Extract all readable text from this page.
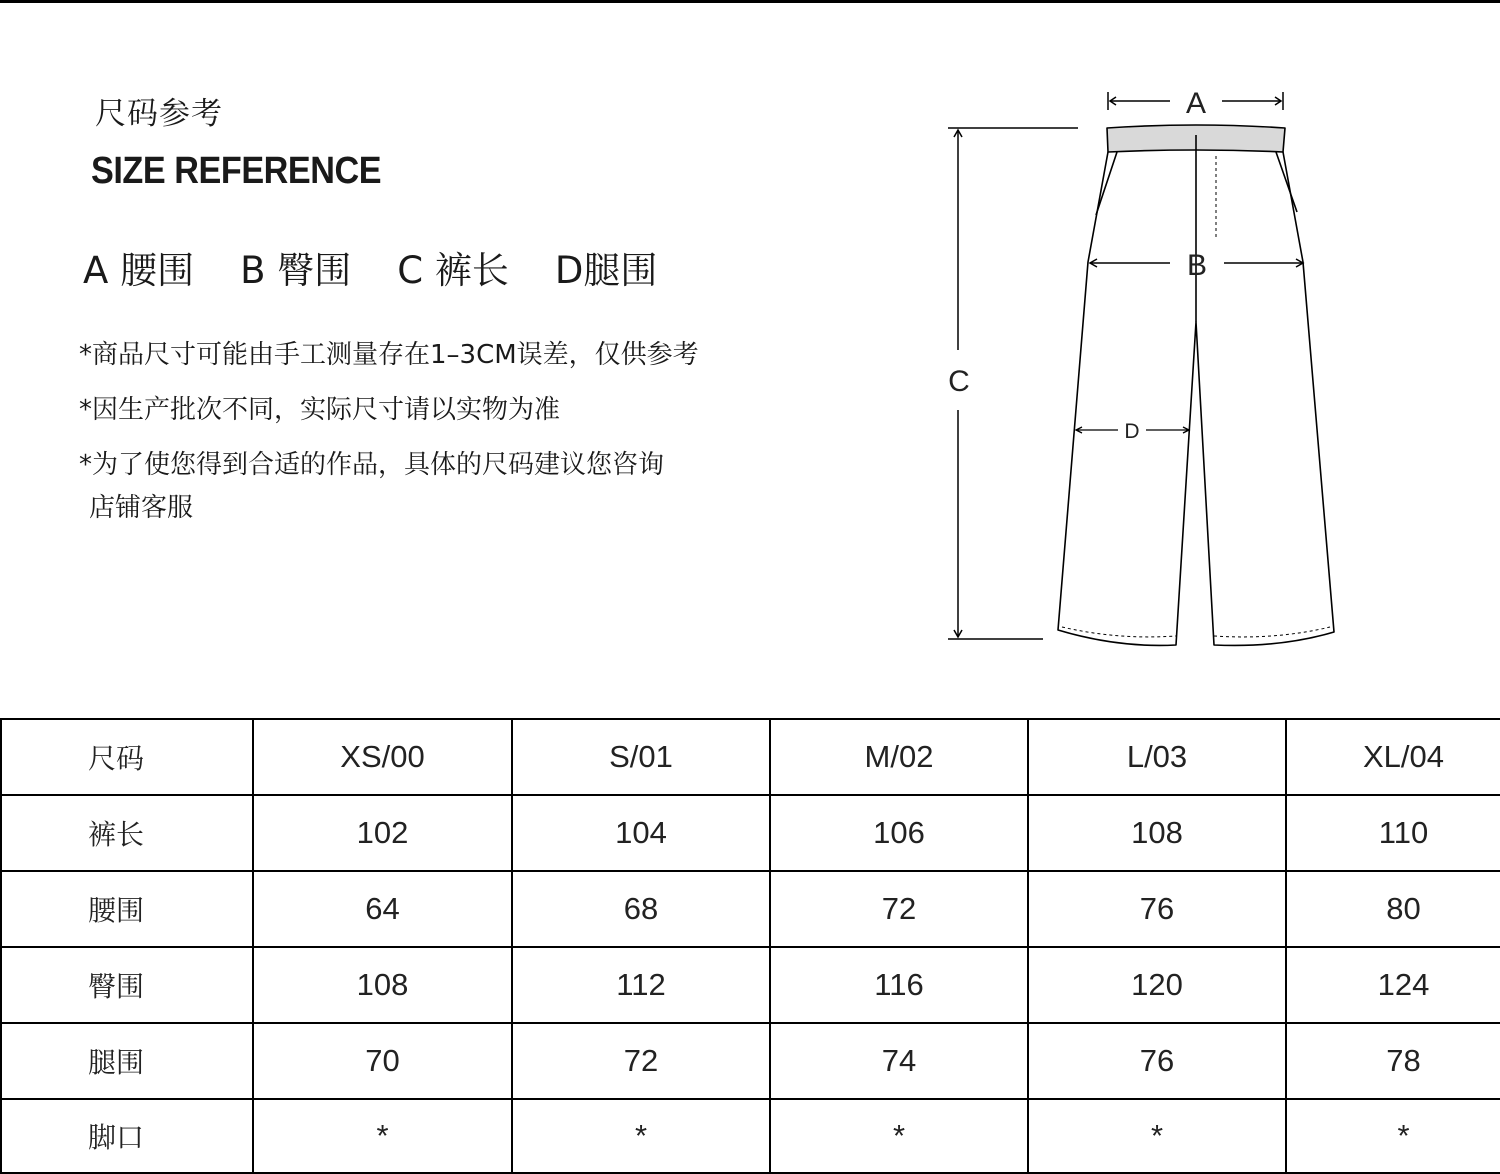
尺码参考
SIZE REFERENCE
A 腰围 B 臀围 C 裤长 D腿围
*商品尺寸可能由手工测量存在1–3CM误差，仅供参考
*因生产批次不同，实际尺寸请以实物为准
*为了使您得到合适的作品，具体的尺码建议您咨询
店铺客服
A
C
B
D
尺码	XS/00	S/01	M/02	L/03	XL/04
裤长	102	104	106	108	110
腰围	64	68	72	76	80
臀围	108	112	116	120	124
腿围	70	72	74	76	78
脚口	*	*	*	*	*
